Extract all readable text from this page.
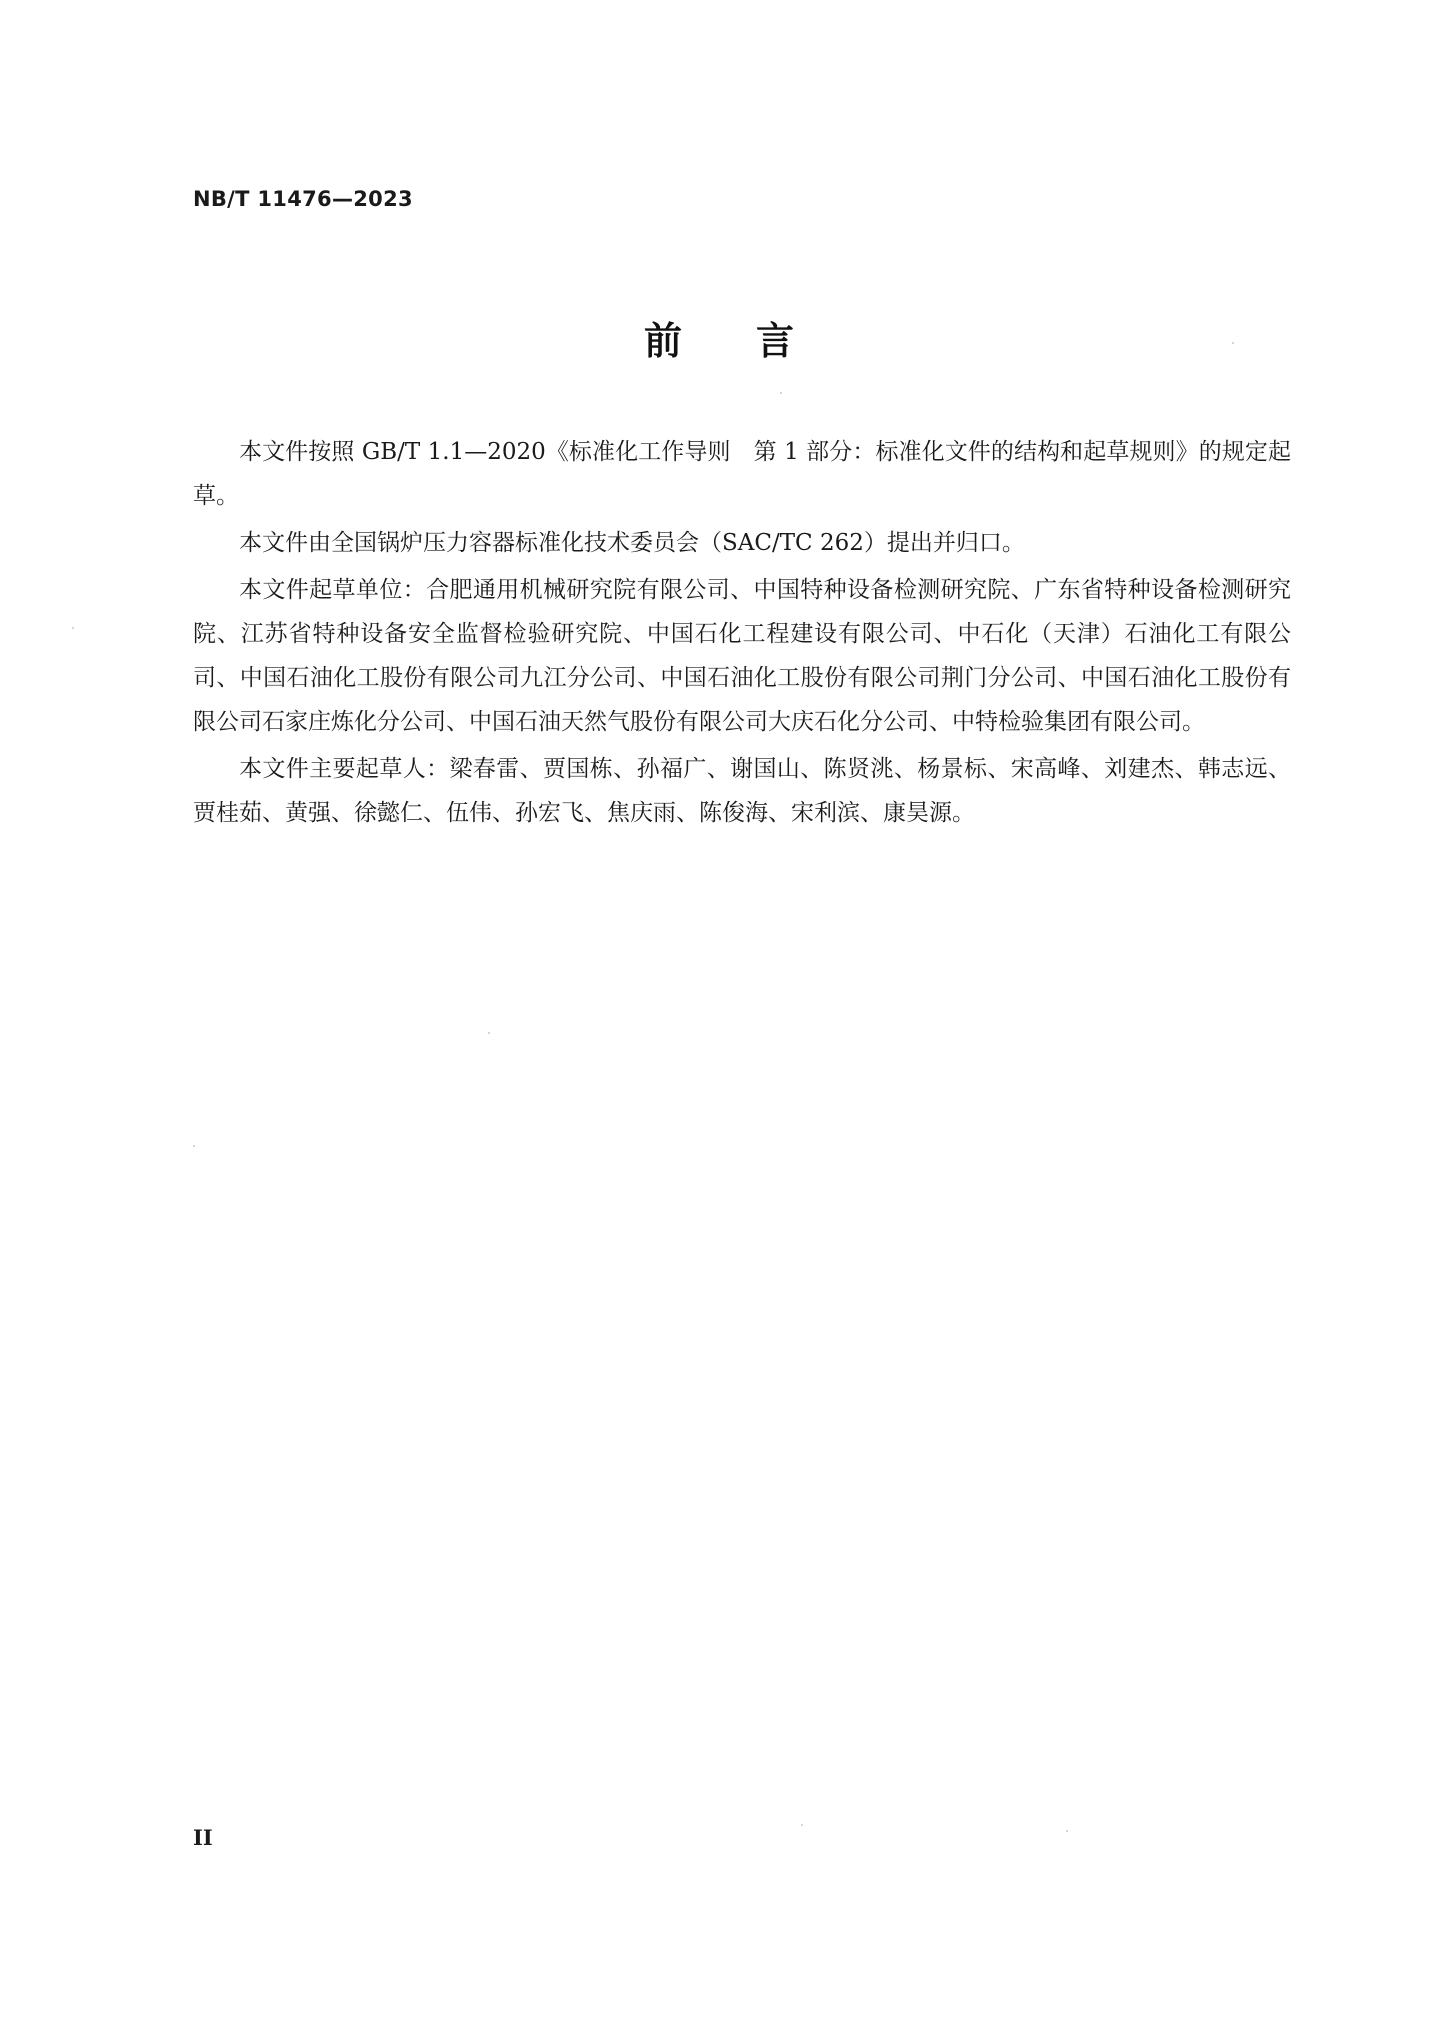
NB/T 11476—2023
前 言

本文件按照 GB/T 1.1—2020《标准化工作导则　第 1 部分：标准化文件的结构和起草规则》的规定起草。

本文件由全国锅炉压力容器标准化技术委员会（SAC/TC 262）提出并归口。

本文件起草单位：合肥通用机械研究院有限公司、中国特种设备检测研究院、广东省特种设备检测研究院、江苏省特种设备安全监督检验研究院、中国石化工程建设有限公司、中石化（天津）石油化工有限公司、中国石油化工股份有限公司九江分公司、中国石油化工股份有限公司荆门分公司、中国石油化工股份有限公司石家庄炼化分公司、中国石油天然气股份有限公司大庆石化分公司、中特检验集团有限公司。

本文件主要起草人：梁春雷、贾国栋、孙福广、谢国山、陈贤洮、杨景标、宋高峰、刘建杰、韩志远、贾桂茹、黄强、徐懿仁、伍伟、孙宏飞、焦庆雨、陈俊海、宋利滨、康昊源。

II
